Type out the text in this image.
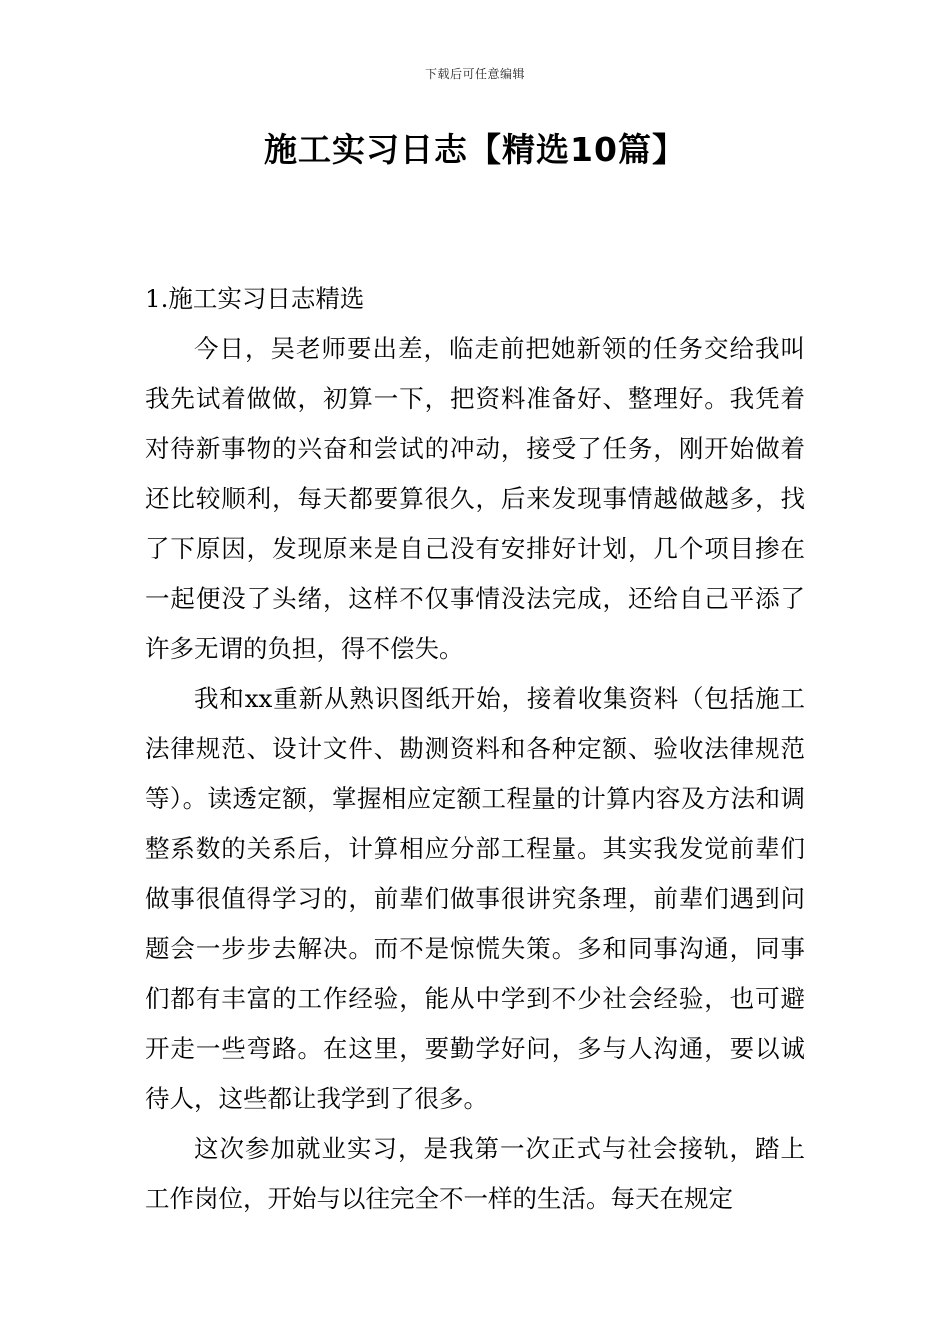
下载后可任意编辑
施工实习日志【精选10篇】

1.施工实习日志精选

今日，吴老师要出差，临走前把她新领的任务交给我叫我先试着做做，初算一下，把资料准备好、整理好。我凭着对待新事物的兴奋和尝试的冲动，接受了任务，刚开始做着还比较顺利，每天都要算很久，后来发现事情越做越多，找了下原因，发现原来是自己没有安排好计划，几个项目掺在一起便没了头绪，这样不仅事情没法完成，还给自己平添了许多无谓的负担，得不偿失。

我和xx重新从熟识图纸开始，接着收集资料（包括施工法律规范、设计文件、勘测资料和各种定额、验收法律规范等）。读透定额，掌握相应定额工程量的计算内容及方法和调整系数的关系后，计算相应分部工程量。其实我发觉前辈们做事很值得学习的，前辈们做事很讲究条理，前辈们遇到问题会一步步去解决。而不是惊慌失策。多和同事沟通，同事们都有丰富的工作经验，能从中学到不少社会经验，也可避开走一些弯路。在这里，要勤学好问，多与人沟通，要以诚待人，这些都让我学到了很多。

这次参加就业实习，是我第一次正式与社会接轨，踏上工作岗位，开始与以往完全不一样的生活。每天在规定
